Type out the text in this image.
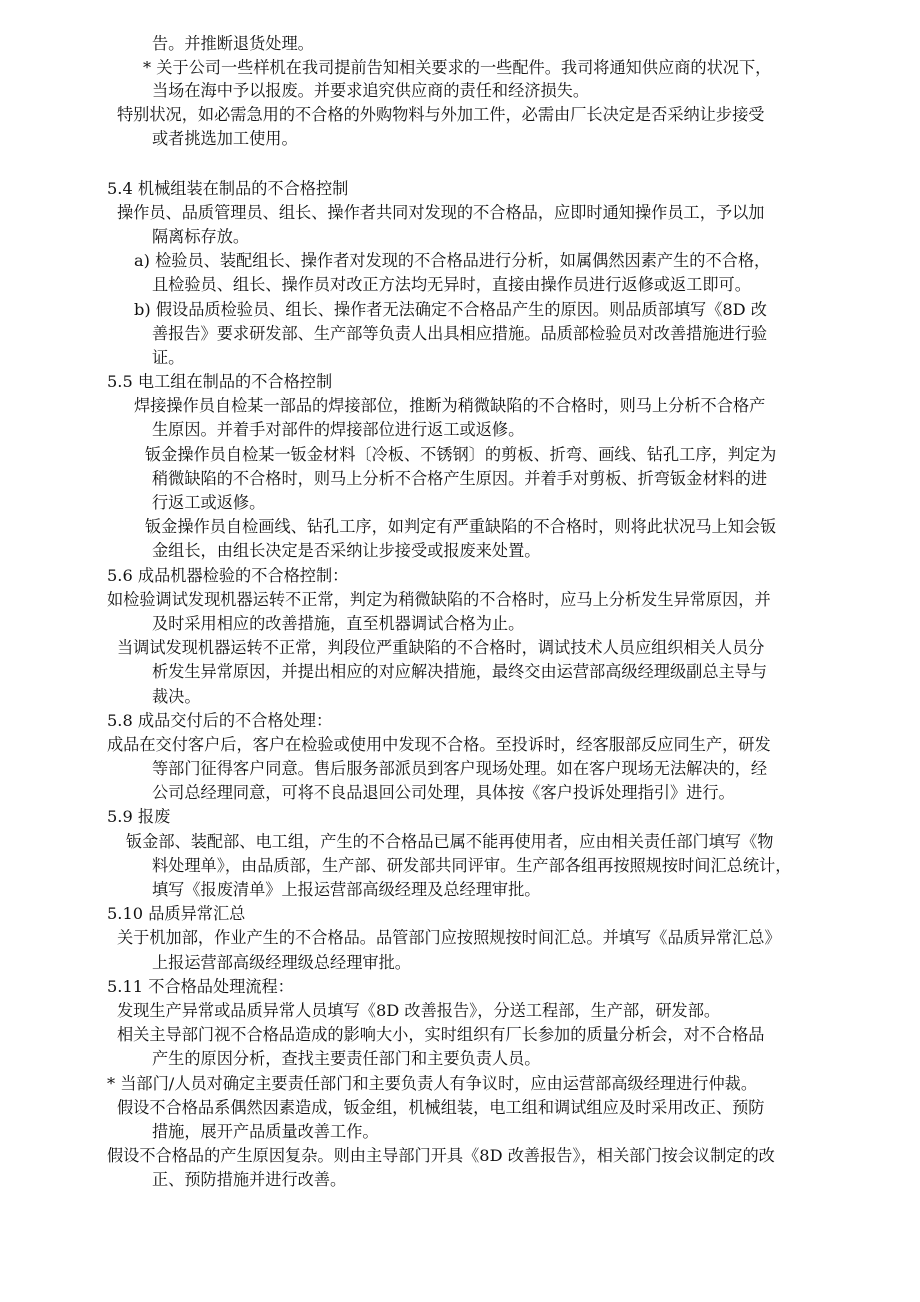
告。并推断退货处理。
* 关于公司一些样机在我司提前告知相关要求的一些配件。我司将通知供应商的状况下，
当场在海中予以报废。并要求追究供应商的责任和经济损失。
特别状况，如必需急用的不合格的外购物料与外加工件，必需由厂长决定是否采纳让步接受
或者挑选加工使用。
5.4 机械组装在制品的不合格控制
操作员、品质管理员、组长、操作者共同对发现的不合格品，应即时通知操作员工，予以加
隔离标存放。
a) 检验员、装配组长、操作者对发现的不合格品进行分析，如属偶然因素产生的不合格，
且检验员、组长、操作员对改正方法均无异时，直接由操作员进行返修或返工即可。
b) 假设品质检验员、组长、操作者无法确定不合格品产生的原因。则品质部填写《8D 改
善报告》要求研发部、生产部等负责人出具相应措施。品质部检验员对改善措施进行验
证。
5.5 电工组在制品的不合格控制
焊接操作员自检某一部品的焊接部位，推断为稍微缺陷的不合格时，则马上分析不合格产
生原因。并着手对部件的焊接部位进行返工或返修。
钣金操作员自检某一钣金材料〔冷板、不锈钢〕的剪板、折弯、画线、钻孔工序，判定为
稍微缺陷的不合格时，则马上分析不合格产生原因。并着手对剪板、折弯钣金材料的进
行返工或返修。
钣金操作员自检画线、钻孔工序，如判定有严重缺陷的不合格时，则将此状况马上知会钣
金组长，由组长决定是否采纳让步接受或报废来处置。
5.6 成品机器检验的不合格控制：
如检验调试发现机器运转不正常，判定为稍微缺陷的不合格时，应马上分析发生异常原因，并
及时采用相应的改善措施，直至机器调试合格为止。
当调试发现机器运转不正常，判段位严重缺陷的不合格时，调试技术人员应组织相关人员分
析发生异常原因，并提出相应的对应解决措施，最终交由运营部高级经理级副总主导与
裁决。
5.8 成品交付后的不合格处理：
成品在交付客户后，客户在检验或使用中发现不合格。至投诉时，经客服部反应同生产，研发
等部门征得客户同意。售后服务部派员到客户现场处理。如在客户现场无法解决的，经
公司总经理同意，可将不良品退回公司处理，具体按《客户投诉处理指引》进行。
5.9 报废
钣金部、装配部、电工组，产生的不合格品已属不能再使用者，应由相关责任部门填写《物
料处理单》，由品质部，生产部、研发部共同评审。生产部各组再按照规按时间汇总统计，
填写《报废清单》上报运营部高级经理及总经理审批。
5.10 品质异常汇总
关于机加部，作业产生的不合格品。品管部门应按照规按时间汇总。并填写《品质异常汇总》
上报运营部高级经理级总经理审批。
5.11 不合格品处理流程：
发现生产异常或品质异常人员填写《8D 改善报告》，分送工程部，生产部，研发部。
相关主导部门视不合格品造成的影响大小，实时组织有厂长参加的质量分析会，对不合格品
产生的原因分析，查找主要责任部门和主要负责人员。
* 当部门/人员对确定主要责任部门和主要负责人有争议时，应由运营部高级经理进行仲裁。
假设不合格品系偶然因素造成，钣金组，机械组装，电工组和调试组应及时采用改正、预防
措施，展开产品质量改善工作。
假设不合格品的产生原因复杂。则由主导部门开具《8D 改善报告》，相关部门按会议制定的改
正、预防措施并进行改善。
